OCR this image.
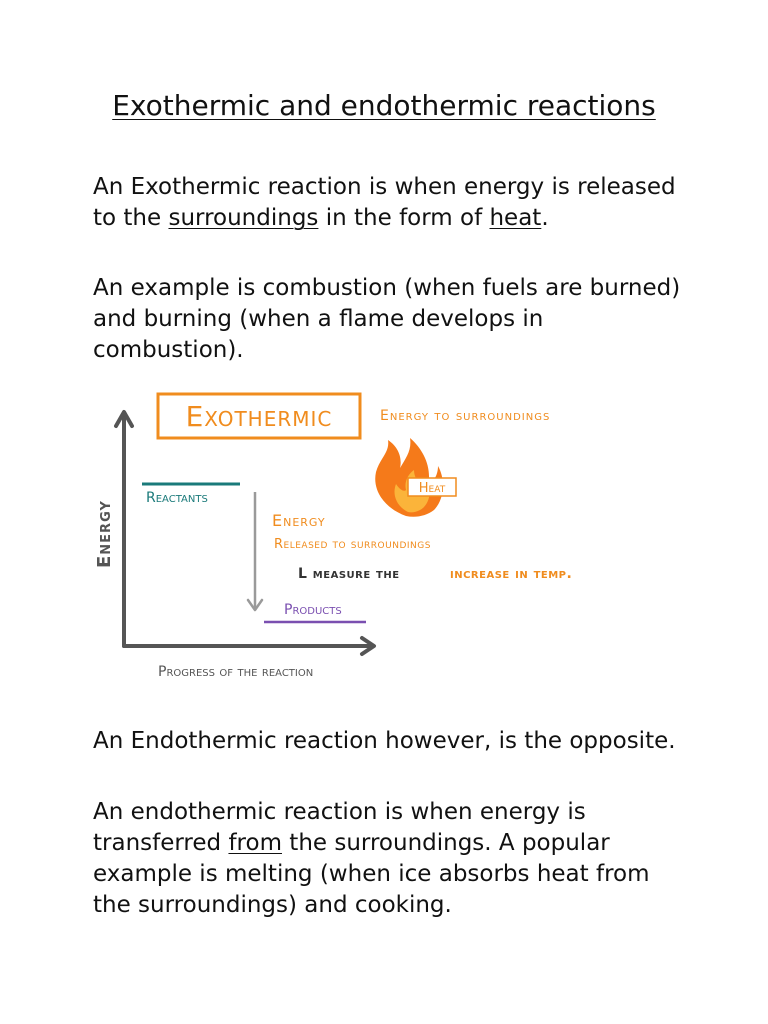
Exothermic and endothermic reactions

An Exothermic reaction is when energy is released to the surroundings in the form of heat.

An example is combustion (when fuels are burned) and burning (when a flame develops in combustion).

Energy
Progress of the reaction
Exothermic	Energy to surroundings
Heat
Reactants
Energy
Released to surroundings
L measure the	increase in temp.
Products

An Endothermic reaction however, is the opposite.

An endothermic reaction is when energy is transferred from the surroundings. A popular example is melting (when ice absorbs heat from the surroundings) and cooking.
